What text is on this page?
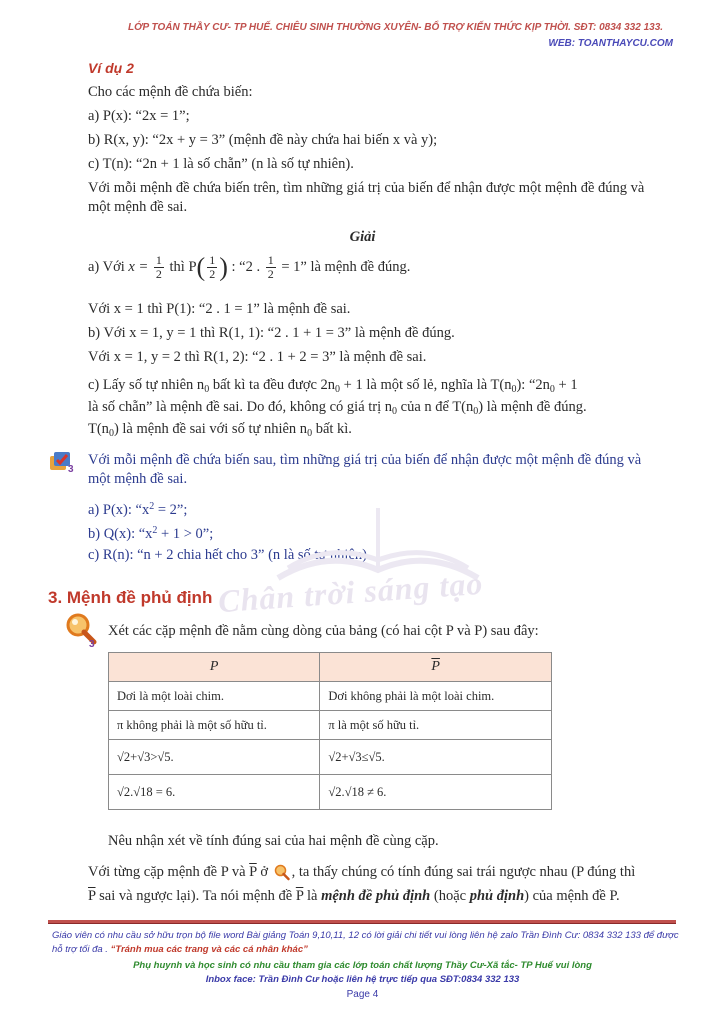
LỚP TOÁN THẦY CƯ- TP HUẾ. CHIÊU SINH THƯỜNG XUYÊN- BỔ TRỢ KIẾN THỨC KỊP THỜI. SĐT: 0834 332 133.
WEB: TOANTHAYCU.COM
Ví dụ 2
Cho các mệnh đề chứa biến:
a) P(x): “2x = 1”;
b) R(x, y): “2x + y = 3” (mệnh đề này chứa hai biến x và y);
c) T(n): “2n + 1 là số chẵn” (n là số tự nhiên).
Với mỗi mệnh đề chứa biến trên, tìm những giá trị của biến để nhận được một mệnh đề đúng và một mệnh đề sai.
Giải
a) Với $x = \frac{1}{2}$ thì $P( \frac{1}{2}$ ) : “2 . $\frac{1}{2} = 1$” là mệnh đề đúng.
Với x = 1 thì P(1): “2 . 1 = 1” là mệnh đề sai.
b) Với x = 1, y = 1 thì R(1, 1): “2 . 1 + 1 = 3” là mệnh đề đúng.
Với x = 1, y = 2 thì R(1, 2): “2 . 1 + 2 = 3” là mệnh đề sai.
c) Lấy số tự nhiên $n_0$ bất kì ta đều được $2n_0 + 1$ là một số lẻ, nghĩa là $T(n_0)$: “$2n_0 + 1$
là số chẵn” là mệnh đề sai. Do đó, không có giá trị $n_0$ của n để $T(n_0)$ là mệnh đề đúng.
$T(n_0)$ là mệnh đề sai với số tự nhiên $n_0$ bất kì.
3
Với mỗi mệnh đề chứa biến sau, tìm những giá trị của biến để nhận được một mệnh đề đúng và một mệnh đề sai.
a) P(x): “$x^2 = 2$”;
b) Q(x): “$x^2 + 1 > 0$”;
c) R(n): “n + 2 chia hết cho 3” (n là số tự nhiên).
Chân trời sáng tạo
3. Mệnh đề phủ định
3
Xét các cặp mệnh đề nằm cùng dòng của bảng (có hai cột P và P) sau đây:
P	$\overline{P}$
Dơi là một loài chim.	Dơi không phải là một loài chim.
π không phải là một số hữu tỉ.	π là một số hữu tỉ.
√2+√3>√5.	√2+√3≤√5.
√2.√18 = 6.	√2.√18 ≠ 6.
Nêu nhận xét về tính đúng sai của hai mệnh đề cùng cặp.
Với từng cặp mệnh đề P và $\overline{P}$ ở , ta thấy chúng có tính đúng sai trái ngược nhau (P đúng thì
$\overline{P}$ sai và ngược lại). Ta nói mệnh đề $\overline{P}$ là mệnh đề phủ định (hoặc phủ định) của mệnh đề P.
Giáo viên có nhu cầu sở hữu trọn bộ file word Bài giảng Toán 9,10,11, 12 có lời giải chi tiết vui lòng liên hệ zalo Trần Đình Cư: 0834 332 133 để được hỗ trợ tối đa . “Tránh mua các trang và các cá nhân khác”
Phụ huynh và học sinh có nhu cầu tham gia các lớp toán chất lượng Thầy Cư-Xã tắc- TP Huế vui lòng
Inbox face: Trần Đình Cư hoặc liên hệ trực tiếp qua SĐT:0834 332 133
Page 4
